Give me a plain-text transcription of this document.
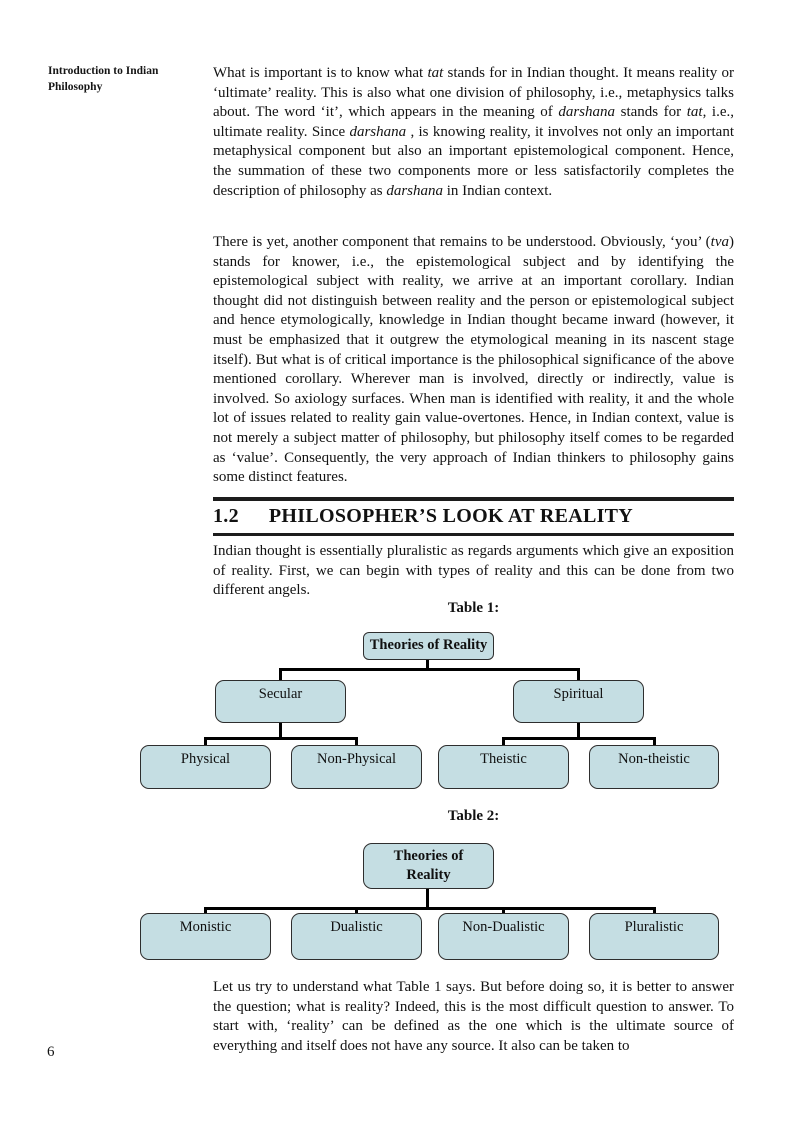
Introduction to Indian Philosophy
What is important is to know what tat stands for in Indian thought. It means reality or ‘ultimate’ reality. This is also what one division of philosophy, i.e., metaphysics talks about. The word ‘it’, which appears in the meaning of darshana stands for tat, i.e., ultimate reality. Since darshana , is knowing reality, it involves not only an important metaphysical component but also an important epistemological component. Hence, the summation of these two components more or less satisfactorily completes the description of philosophy as darshana in Indian context.
There is yet, another component that remains to be understood. Obviously, ‘you’ (tva) stands for knower, i.e., the epistemological subject and by identifying the epistemological subject with reality, we arrive at an important corollary. Indian thought did not distinguish between reality and the person or epistemological subject and hence etymologically, knowledge in Indian thought became inward (however, it must be emphasized that it outgrew the etymological meaning in its nascent stage itself). But what is of critical importance is the philosophical significance of the above mentioned corollary. Wherever man is involved, directly or indirectly, value is involved. So axiology surfaces. When man is identified with reality, it and the whole lot of issues related to reality gain value-overtones. Hence, in Indian context, value is not merely a subject matter of philosophy, but philosophy itself comes to be regarded as ‘value’. Consequently, the very approach of Indian thinkers to philosophy gains some distinct features.
1.2 PHILOSOPHER’S LOOK AT REALITY
Indian thought is essentially pluralistic as regards arguments which give an exposition of reality. First, we can begin with types of reality and this can be done from two different angels.
Table 1:
Theories of Reality
Secular	Spiritual
Physical	Non-Physical	Theistic	Non-theistic
Table 2:
Theories of
Reality
Monistic	Dualistic	Non-Dualistic	Pluralistic
Let us try to understand what Table 1 says. But before doing so, it is better to answer the question; what is reality? Indeed, this is the most difficult question to answer. To start with, ‘reality’ can be defined as the one which is the ultimate source of everything and itself does not have any source. It also can be taken to
6
